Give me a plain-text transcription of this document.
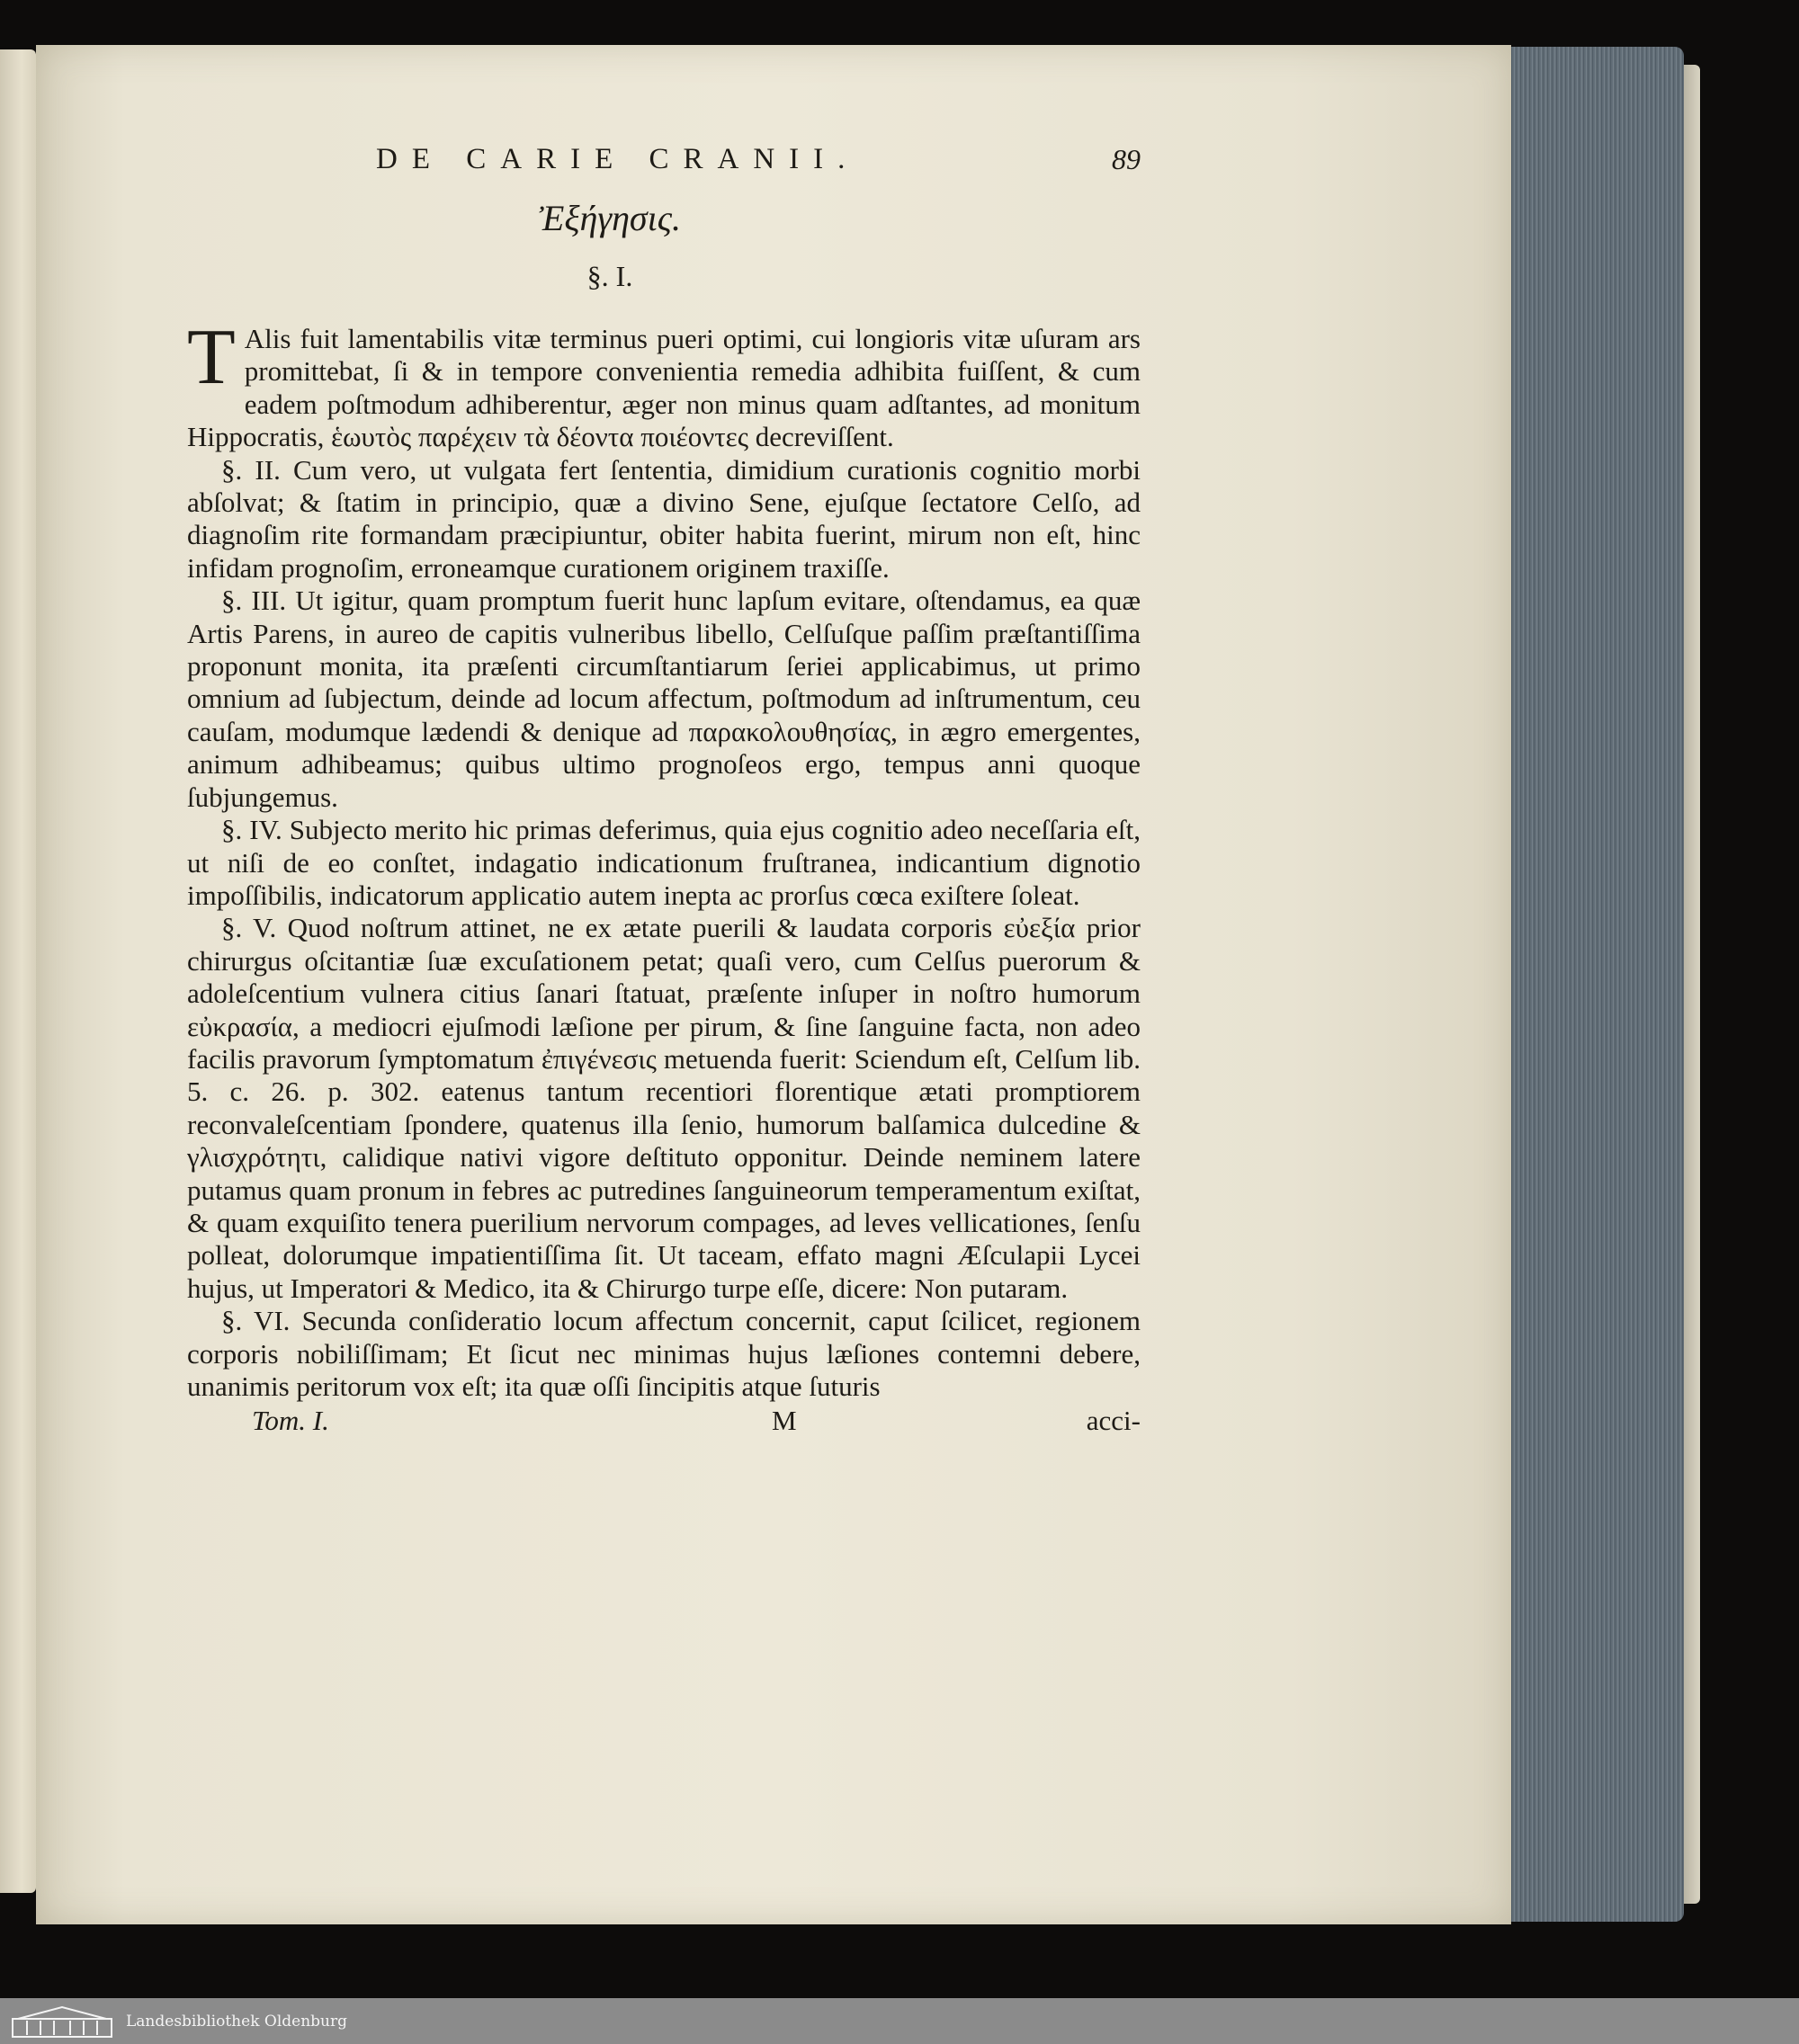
DE CARIE CRANII.	89
Ἐξήγησις.
§. I.

TAlis fuit lamentabilis vitæ terminus pueri optimi, cui longioris vitæ uſuram ars promittebat, ſi & in tempore convenientia remedia adhibita fuiſſent, & cum eadem poſtmodum adhiberentur, æger non minus quam adſtantes, ad monitum Hippocratis, ἑωυτὸς παρέχειν τὰ δέοντα ποιέοντες decreviſſent.

§. II. Cum vero, ut vulgata fert ſententia, dimidium curationis cognitio morbi abſolvat; & ſtatim in principio, quæ a divino Sene, ejuſque ſectatore Celſo, ad diagnoſim rite formandam præcipiuntur, obiter habita fuerint, mirum non eſt, hinc infidam prognoſim, erroneamque curationem originem traxiſſe.

§. III. Ut igitur, quam promptum fuerit hunc lapſum evitare, oſtendamus, ea quæ Artis Parens, in aureo de capitis vulneribus libello, Celſuſque paſſim præſtantiſſima proponunt monita, ita præſenti circumſtantiarum ſeriei applicabimus, ut primo omnium ad ſubjectum, deinde ad locum affectum, poſtmodum ad inſtrumentum, ceu cauſam, modumque lædendi & denique ad παρακολουθησίας, in ægro emergentes, animum adhibeamus; quibus ultimo prognoſeos ergo, tempus anni quoque ſubjungemus.

§. IV. Subjecto merito hic primas deferimus, quia ejus cognitio adeo neceſſaria eſt, ut niſi de eo conſtet, indagatio indicationum fruſtranea, indicantium dignotio impoſſibilis, indicatorum applicatio autem inepta ac prorſus cœca exiſtere ſoleat.

§. V. Quod noſtrum attinet, ne ex ætate puerili & laudata corporis εὐεξία prior chirurgus oſcitantiæ ſuæ excuſationem petat; quaſi vero, cum Celſus puerorum & adoleſcentium vulnera citius ſanari ſtatuat, præſente inſuper in noſtro humorum εὐκρασία, a mediocri ejuſmodi læſione per pirum, & ſine ſanguine facta, non adeo facilis pravorum ſymptomatum ἐπιγένεσις metuenda fuerit: Sciendum eſt, Celſum lib. 5. c. 26. p. 302. eatenus tantum recentiori florentique ætati promptiorem reconvaleſcentiam ſpondere, quatenus illa ſenio, humorum balſamica dulcedine & γλισχρότητι, calidique nativi vigore deſtituto opponitur. Deinde neminem latere putamus quam pronum in febres ac putredines ſanguineorum temperamentum exiſtat, & quam exquiſito tenera puerilium nervorum compages, ad leves vellicationes, ſenſu polleat, dolorumque impatientiſſima ſit. Ut taceam, effato magni Æſculapii Lycei hujus, ut Imperatori & Medico, ita & Chirurgo turpe eſſe, dicere: Non putaram.

§. VI. Secunda conſideratio locum affectum concernit, caput ſcilicet, regionem corporis nobiliſſimam; Et ſicut nec minimas hujus læſiones contemni debere, unanimis peritorum vox eſt; ita quæ oſſi ſincipitis atque ſuturis

Tom. I.	M	acci-
Landesbibliothek Oldenburg
